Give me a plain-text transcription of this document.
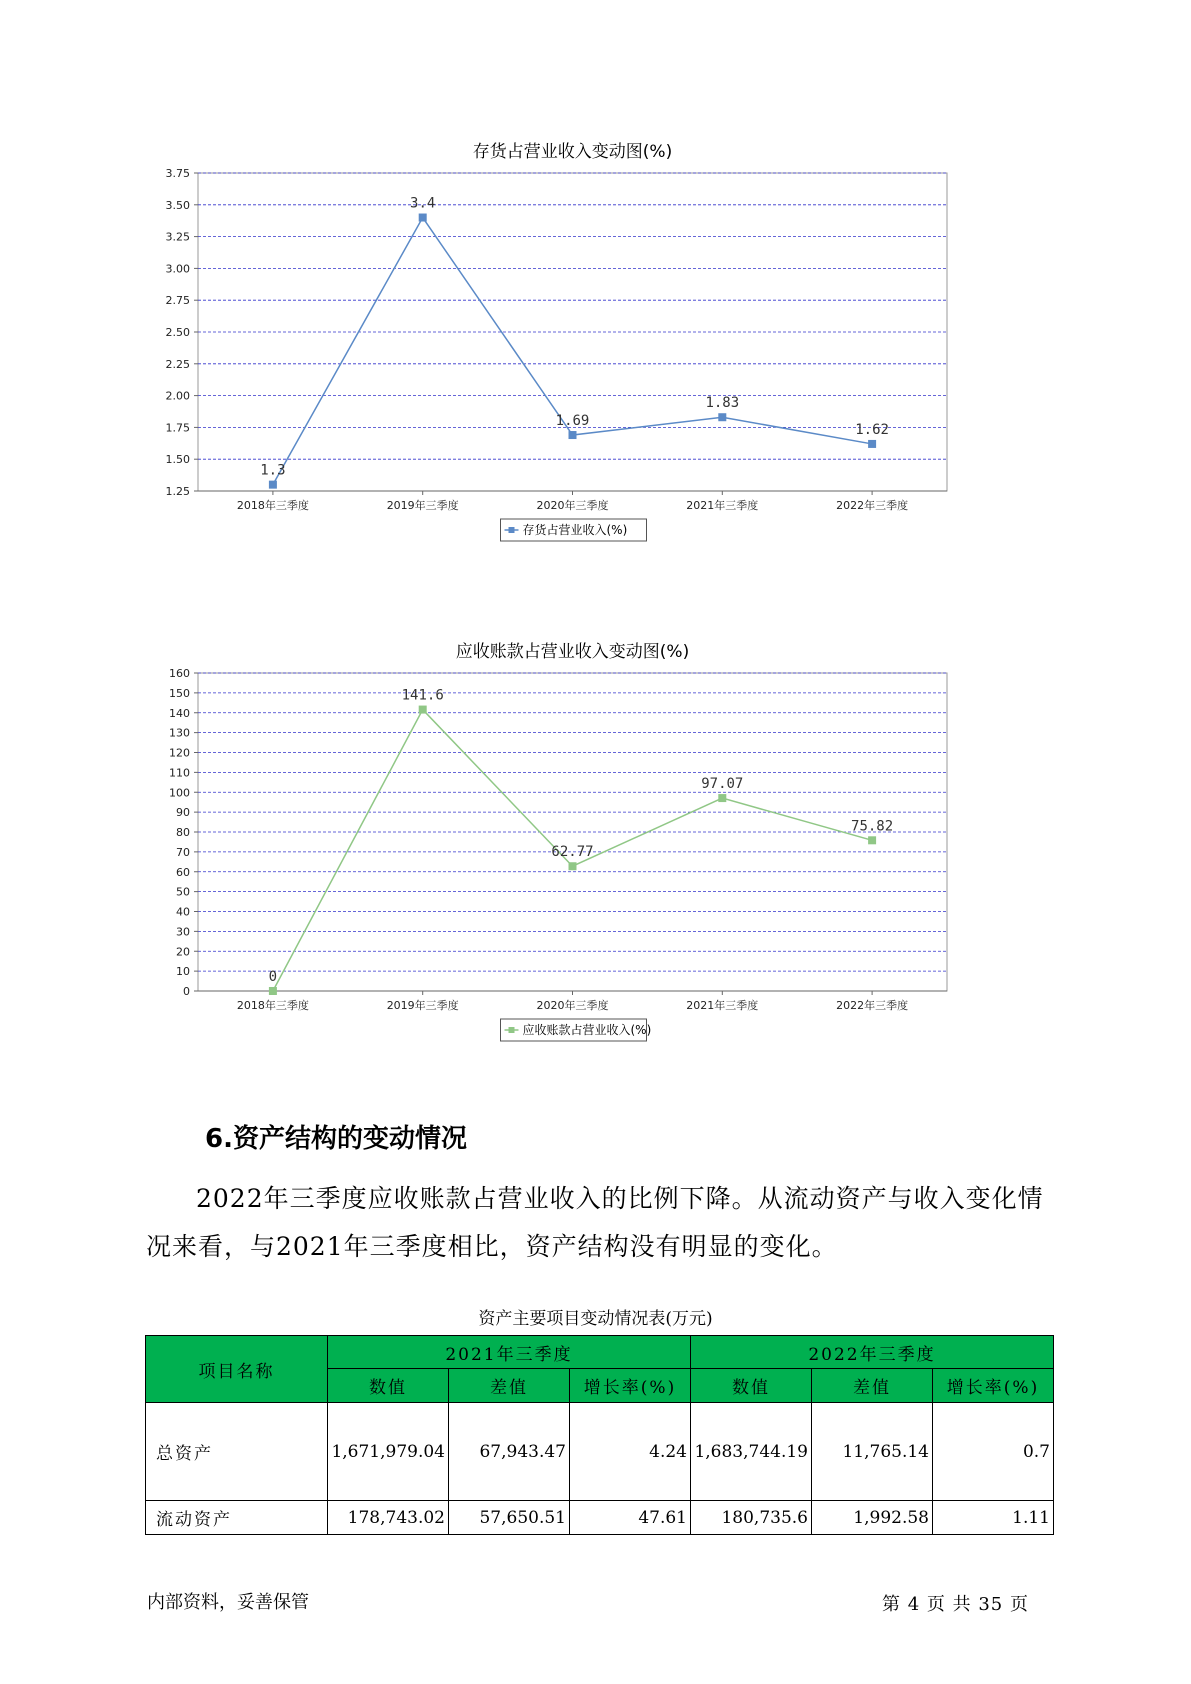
存货占营业收入变动图(%)
1.25
1.50
1.75
2.00
2.25
2.50
2.75
3.00
3.25
3.50
3.75
2018年三季度	2019年三季度	2020年三季度	2021年三季度	2022年三季度
1.3
3.4
1.69
1.83
1.62
存货占营业收入(%)
应收账款占营业收入变动图(%)
0
10
20
30
40
50
60
70
80
90
100
110
120
130
140
150
160
2018年三季度	2019年三季度	2020年三季度	2021年三季度	2022年三季度
0
141.6
62.77
97.07
75.82
应收账款占营业收入(%)
6.资产结构的变动情况
2022年三季度应收账款占营业收入的比例下降。从流动资产与收入变化情况来看，与2021年三季度相比，资产结构没有明显的变化。
资产主要项目变动情况表(万元)
项目名称	2021年三季度			2022年三季度		
	数值	差值	增长率(%)	数值	差值	增长率(%)
总资产	1,671,979.04	67,943.47	4.24	1,683,744.19	11,765.14	0.7
流动资产	178,743.02	57,650.51	47.61	180,735.6	1,992.58	1.11
内部资料，妥善保管	第 4 页 共 35 页
